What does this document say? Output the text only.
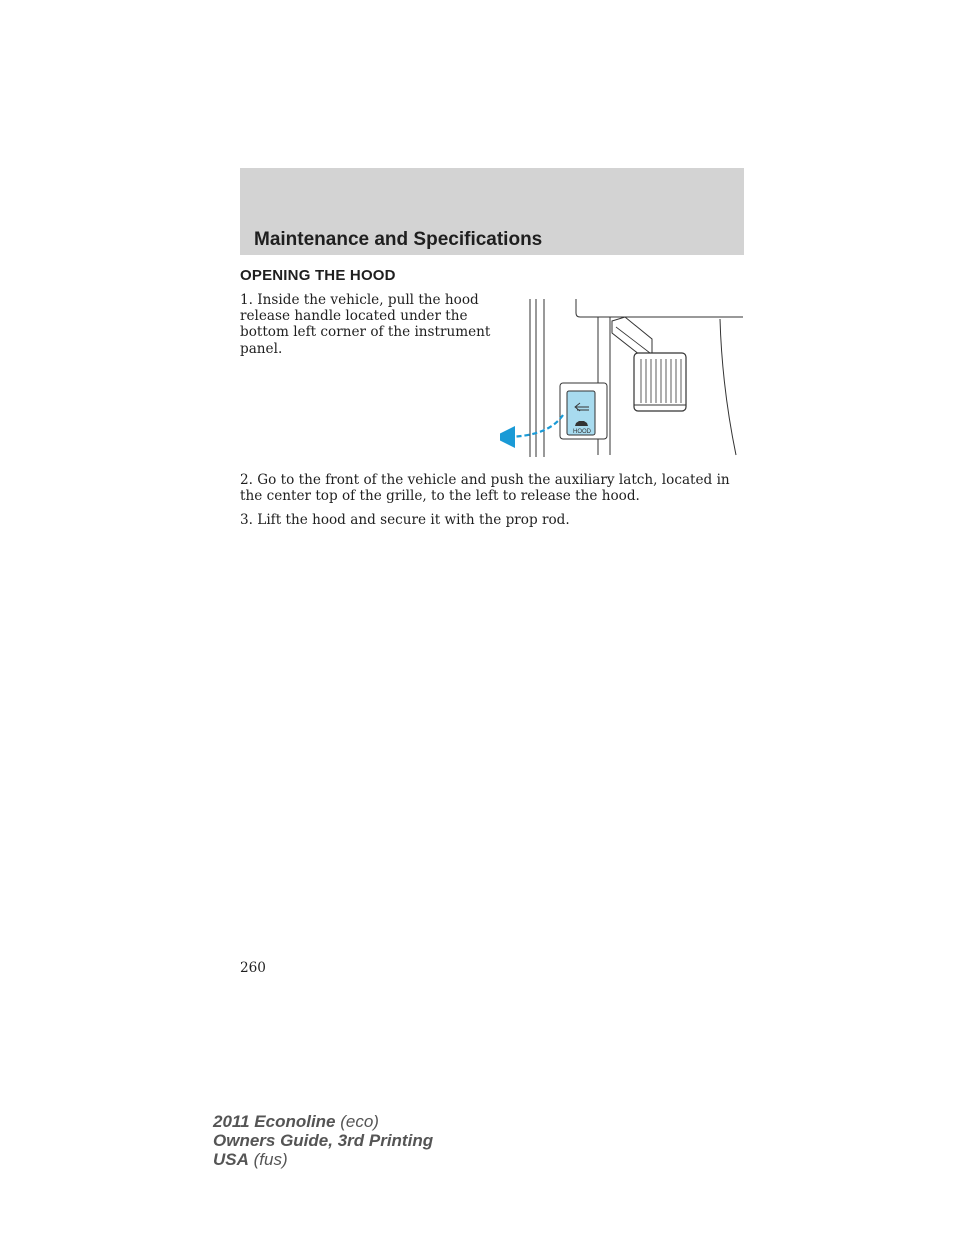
Maintenance and Specifications
OPENING THE HOOD

1. Inside the vehicle, pull the hood release handle located under the bottom left corner of the instrument panel.

HOOD

2. Go to the front of the vehicle and push the auxiliary latch, located in the center top of the grille, to the left to release the hood.

3. Lift the hood and secure it with the prop rod.

260
2011 Econoline (eco)
Owners Guide, 3rd Printing
USA (fus)
